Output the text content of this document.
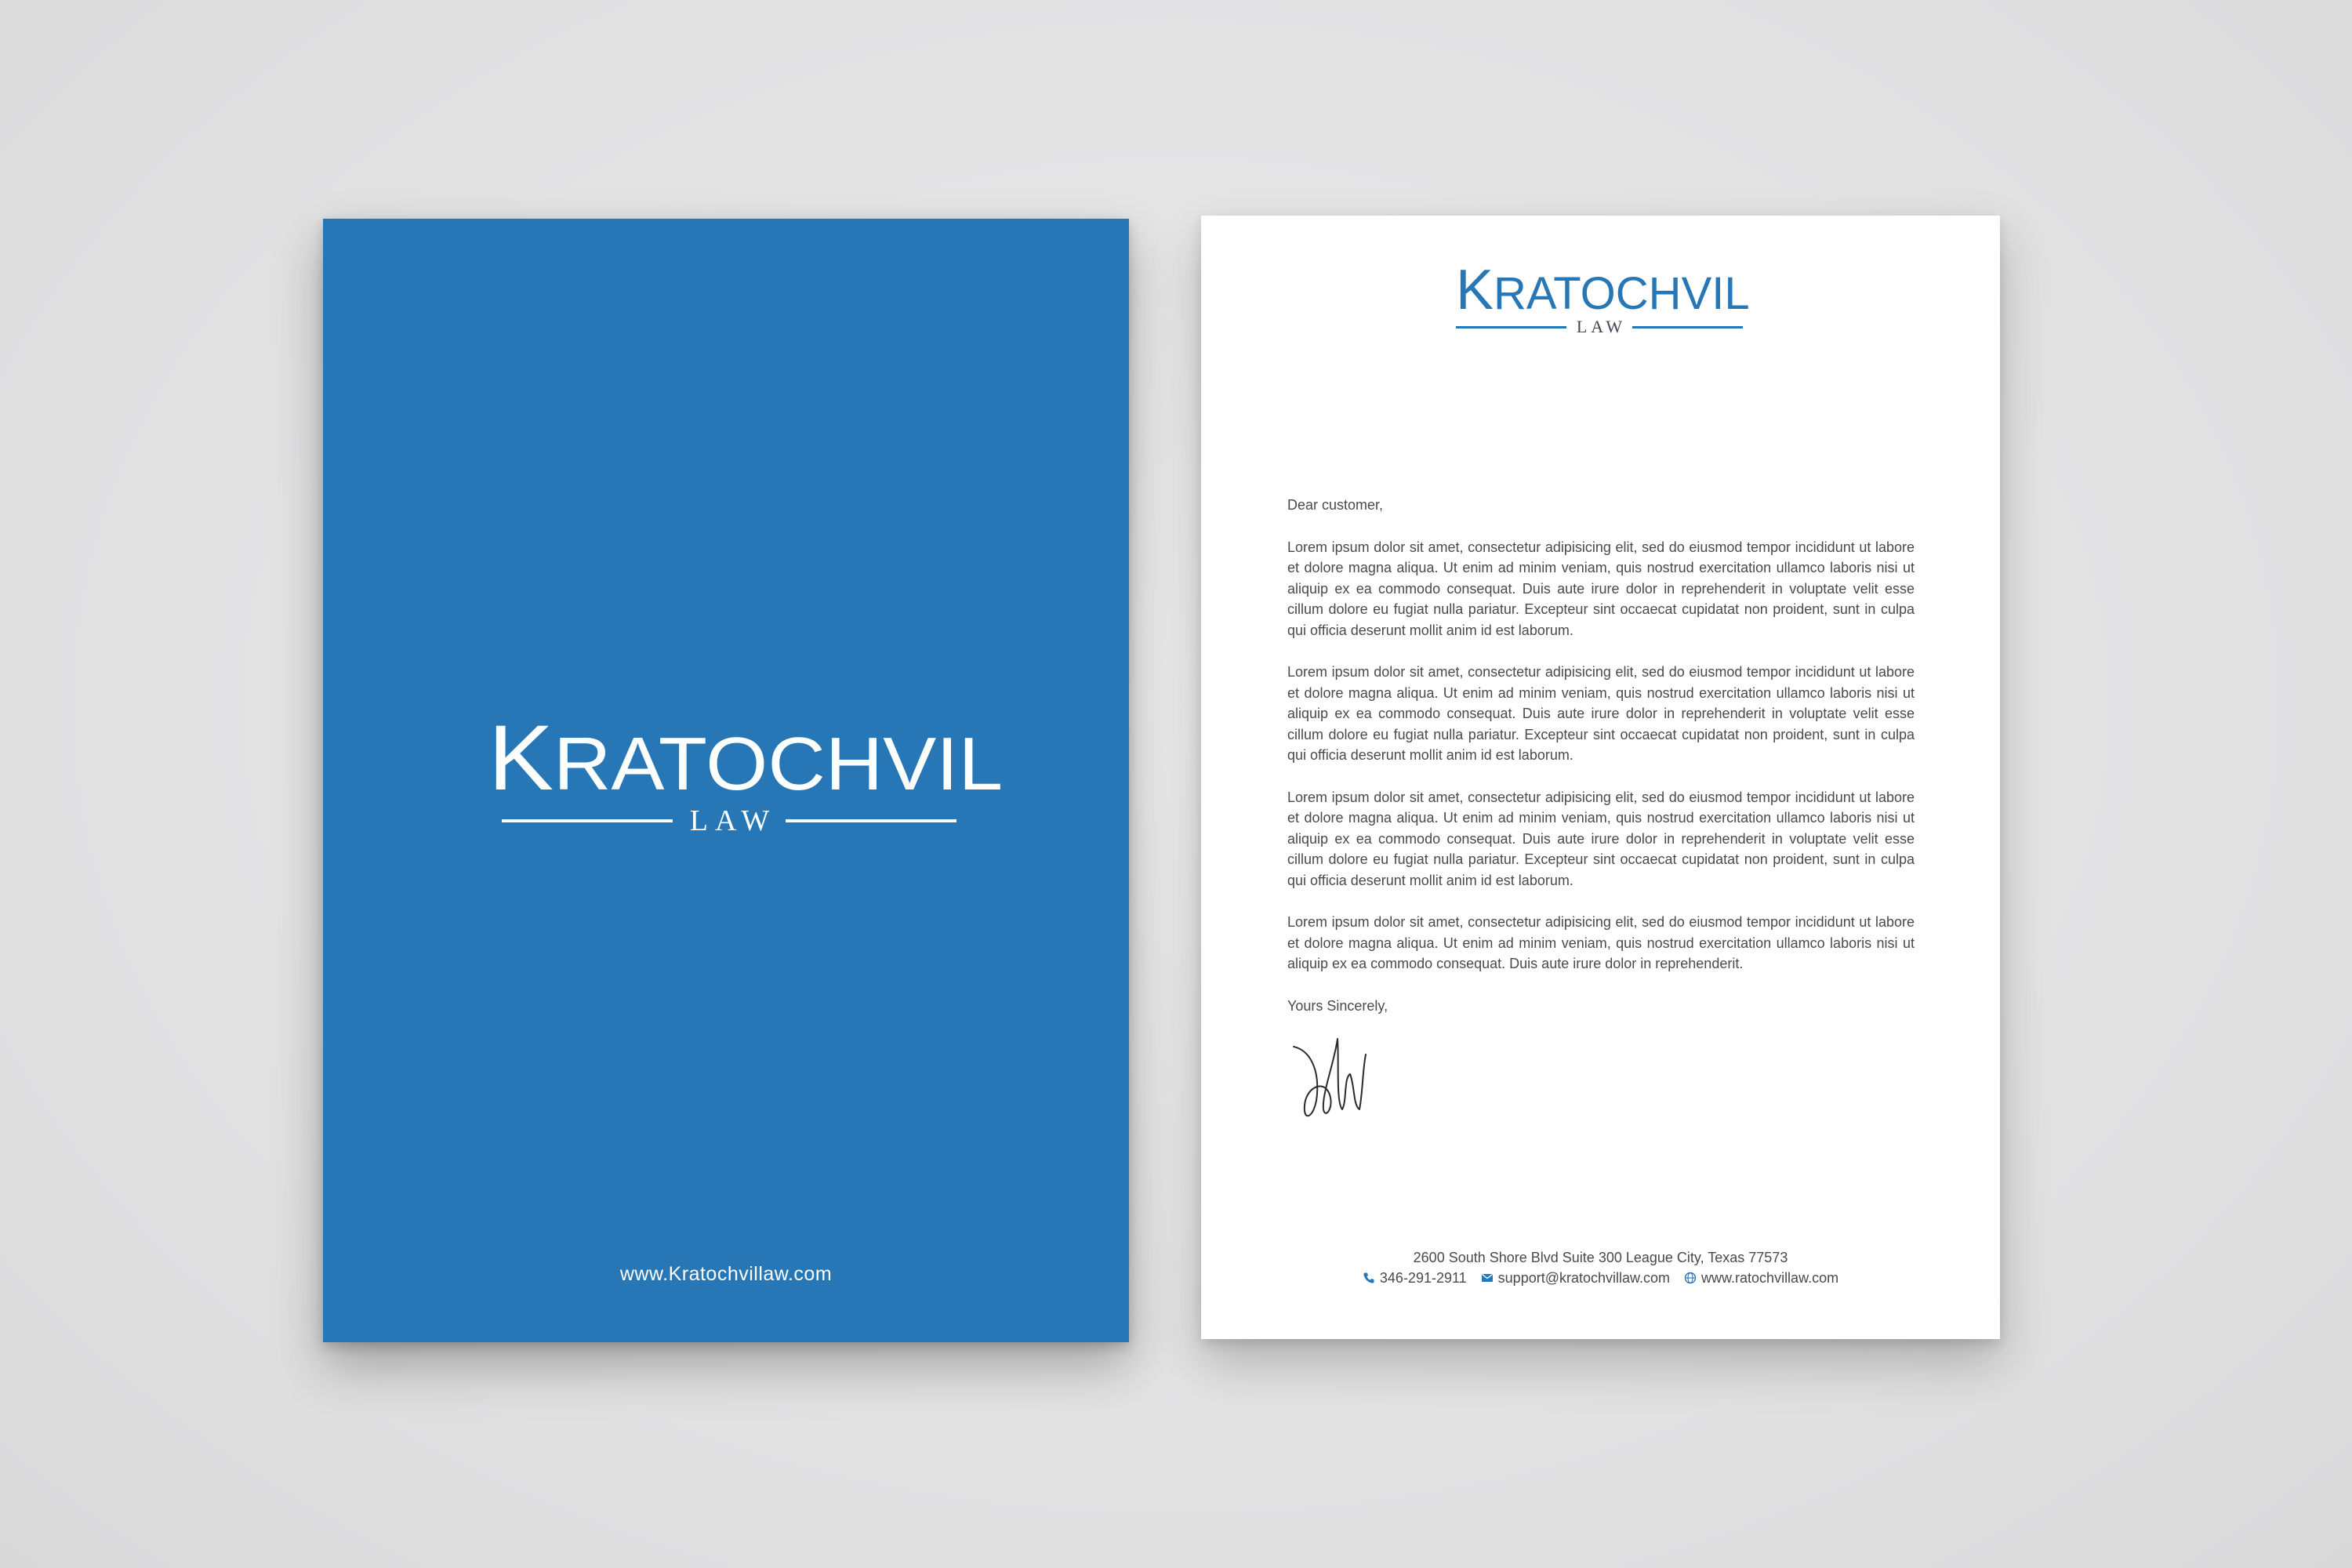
KRATOCHVIL
LAW
www.Kratochvillaw.com
KRATOCHVIL
LAW

Dear customer,

Lorem ipsum dolor sit amet, consectetur adipisicing elit, sed do eiusmod tempor incididunt ut labore et dolore magna aliqua. Ut enim ad minim veniam, quis nostrud exercitation ullamco laboris nisi ut aliquip ex ea commodo consequat. Duis aute irure dolor in reprehenderit in voluptate velit esse cillum dolore eu fugiat nulla pariatur. Excepteur sint occaecat cupidatat non proident, sunt in culpa qui officia deserunt mollit anim id est laborum.

Lorem ipsum dolor sit amet, consectetur adipisicing elit, sed do eiusmod tempor incididunt ut labore et dolore magna aliqua. Ut enim ad minim veniam, quis nostrud exercitation ullamco laboris nisi ut aliquip ex ea commodo consequat. Duis aute irure dolor in reprehenderit in voluptate velit esse cillum dolore eu fugiat nulla pariatur. Excepteur sint occaecat cupidatat non proident, sunt in culpa qui officia deserunt mollit anim id est laborum.

Lorem ipsum dolor sit amet, consectetur adipisicing elit, sed do eiusmod tempor incididunt ut labore et dolore magna aliqua. Ut enim ad minim veniam, quis nostrud exercitation ullamco laboris nisi ut aliquip ex ea commodo consequat. Duis aute irure dolor in reprehenderit in voluptate velit esse cillum dolore eu fugiat nulla pariatur. Excepteur sint occaecat cupidatat non proident, sunt in culpa qui officia deserunt mollit anim id est laborum.

Lorem ipsum dolor sit amet, consectetur adipisicing elit, sed do eiusmod tempor incididunt ut labore et dolore magna aliqua. Ut enim ad minim veniam, quis nostrud exercitation ullamco laboris nisi ut aliquip ex ea commodo consequat. Duis aute irure dolor in reprehenderit.

Yours Sincerely,

2600 South Shore Blvd Suite 300 League City, Texas 77573
346-291-2911 support@kratochvillaw.com www.ratochvillaw.com
